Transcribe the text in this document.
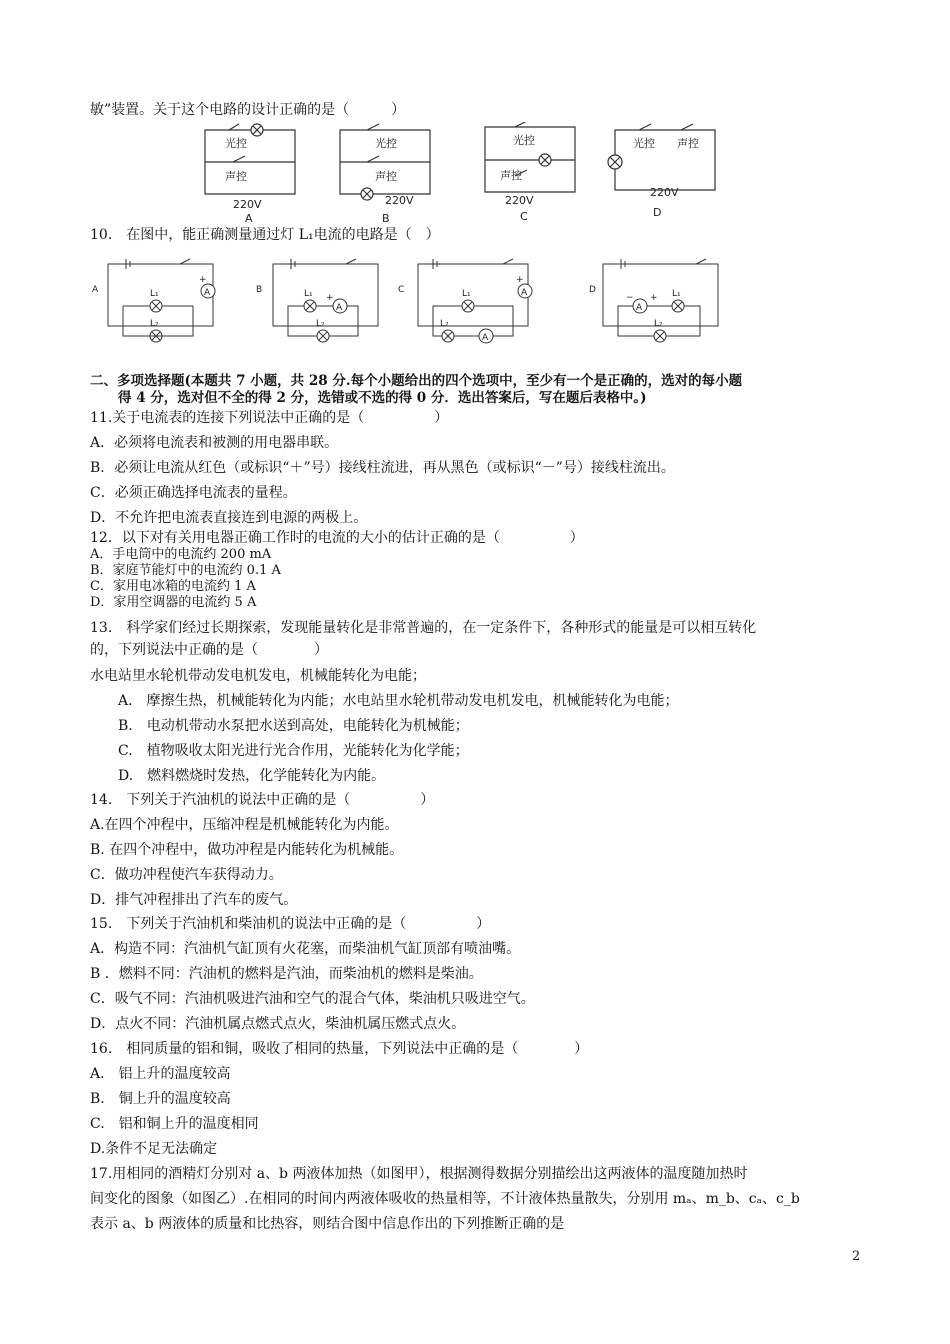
敏”装置。关于这个电路的设计正确的是（　　　）
光控
声控
220V
A
光控
声控
220V
B
光控
声控
220V
C
光控 声控
220V
D
10.　在图中，能正确测量通过灯 L₁电流的电路是（　）
A	A
+
L₁
L₂
B
A
+
L₁
L₂
C	A
+
L₁
L₂
A
D
A
− + L₁
L₂
二、多项选择题(本题共 7 小题，共 28 分.每个小题给出的四个选项中，至少有一个是正确的，选对的每小题
得 4 分，选对但不全的得 2 分，选错或不选的得 0 分．选出答案后，写在题后表格中。)
11.关于电流表的连接下列说法中正确的是（　　　　　）
A．必须将电流表和被测的用电器串联。
B．必须让电流从红色（或标识“＋”号）接线柱流进，再从黑色（或标识“－”号）接线柱流出。
C．必须正确选择电流表的量程。
D．不允许把电流表直接连到电源的两极上。
12．以下对有关用电器正确工作时的电流的大小的估计正确的是（　　　　　）
A．手电筒中的电流约 200 mA
B．家庭节能灯中的电流约 0.1 A
C．家用电冰箱的电流约 1 A
D．家用空调器的电流约 5 A
13.　科学家们经过长期探索，发现能量转化是非常普遍的，在一定条件下，各种形式的能量是可以相互转化
的，下列说法中正确的是（　　　　）
水电站里水轮机带动发电机发电，机械能转化为电能；
A.　摩擦生热，机械能转化为内能；水电站里水轮机带动发电机发电，机械能转化为电能；
B.　电动机带动水泵把水送到高处，电能转化为机械能；
C.　植物吸收太阳光进行光合作用，光能转化为化学能；
D.　燃料燃烧时发热，化学能转化为内能。
14.　下列关于汽油机的说法中正确的是（　　　　　）
A.在四个冲程中，压缩冲程是机械能转化为内能。
B. 在四个冲程中，做功冲程是内能转化为机械能。
C．做功冲程使汽车获得动力。
D．排气冲程排出了汽车的废气。
15.　下列关于汽油机和柴油机的说法中正确的是（　　　　　）
A．构造不同：汽油机气缸顶有火花塞，而柴油机气缸顶部有喷油嘴。
B ．燃料不同：汽油机的燃料是汽油，而柴油机的燃料是柴油。
C．吸气不同：汽油机吸进汽油和空气的混合气体，柴油机只吸进空气。
D．点火不同：汽油机属点燃式点火，柴油机属压燃式点火。
16.　相同质量的铝和铜，吸收了相同的热量，下列说法中正确的是（　　　　）
A.　铝上升的温度较高
B.　铜上升的温度较高
C.　铝和铜上升的温度相同
D.条件不足无法确定
17.用相同的酒精灯分别对 a、b 两液体加热（如图甲），根据测得数据分别描绘出这两液体的温度随加热时
间变化的图象（如图乙）.在相同的时间内两液体吸收的热量相等，不计液体热量散失，分别用 mₐ、m_b、cₐ、c_b
表示 a、b 两液体的质量和比热容，则结合图中信息作出的下列推断正确的是
2
